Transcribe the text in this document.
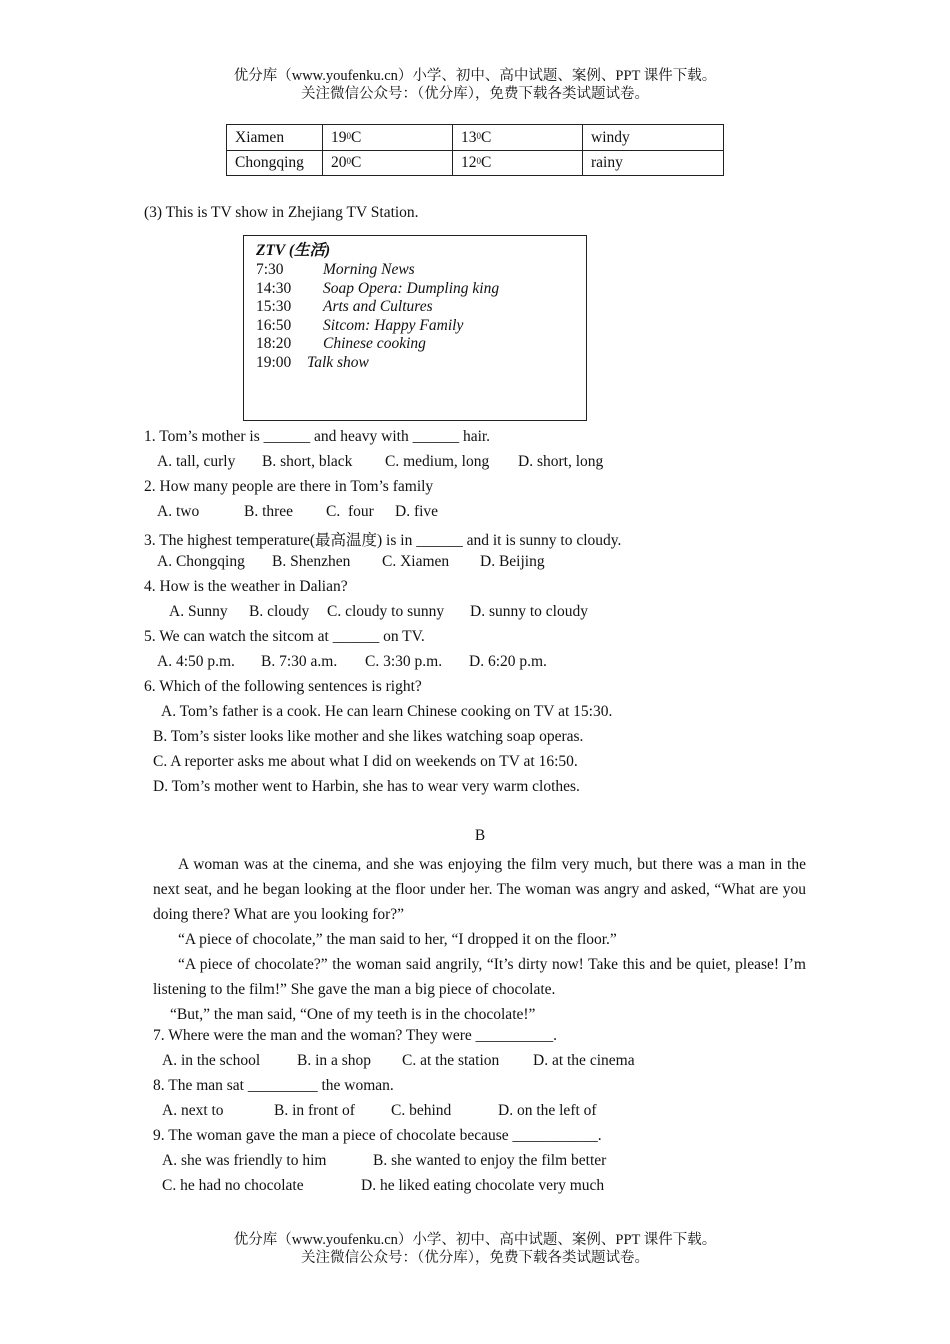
优分库（www.youfenku.cn）小学、初中、高中试题、案例、PPT 课件下载。
关注微信公众号：（优分库），免费下载各类试题试卷。
Xiamen	$19^0C$	$13^0C$	windy
Chongqing	$20^0C$	$12^0C$	rainy
(3) This is TV show in Zhejiang TV Station.
ZTV (生活)
7:30	Morning News
14:30 Soap Opera: Dumpling king
15:30 Arts and Cultures
16:50 Sitcom: Happy Family
18:20 Chinese cooking
19:00 Talk show
1. Tom’s mother is ______ and heavy with ______ hair.
A. tall, curly B. short, black C. medium, long D. short, long
2. How many people are there in Tom’s family
A. two	B. three C.  four D. five
3. The highest temperature(最高温度) is in ______ and it is sunny to cloudy.
A. Chongqing B. Shenzhen C. Xiamen D. Beijing
4. How is the weather in Dalian?
A. Sunny B. cloudy C. cloudy to sunny D. sunny to cloudy
5. We can watch the sitcom at ______ on TV.
A. 4:50 p.m. B. 7:30 a.m. C. 3:30 p.m. D. 6:20 p.m.
6. Which of the following sentences is right?
A. Tom’s father is a cook. He can learn Chinese cooking on TV at 15:30.
B. Tom’s sister looks like mother and she likes watching soap operas.
C. A reporter asks me about what I did on weekends on TV at 16:50.
D. Tom’s mother went to Harbin, she has to wear very warm clothes.
B
A woman was at the cinema, and she was enjoying the film very much, but there was a man in the next seat, and he began looking at the floor under her. The woman was angry and asked, “What are you doing there? What are you looking for?”
“A piece of chocolate,” the man said to her, “I dropped it on the floor.”
“A piece of chocolate?” the woman said angrily, “It’s dirty now! Take this and be quiet, please! I’m listening to the film!” She gave the man a big piece of chocolate.
“But,” the man said, “One of my teeth is in the chocolate!”
7. Where were the man and the woman? They were __________.
A. in the school B. in a shop C. at the station D. at the cinema
8. The man sat _________ the woman.
A. next to	B. in front of C. behind	D. on the left of
9. The woman gave the man a piece of chocolate because ___________.
A. she was friendly to him	B. she wanted to enjoy the film better
C. he had no chocolate	D. he liked eating chocolate very much
优分库（www.youfenku.cn）小学、初中、高中试题、案例、PPT 课件下载。
关注微信公众号：（优分库），免费下载各类试题试卷。
